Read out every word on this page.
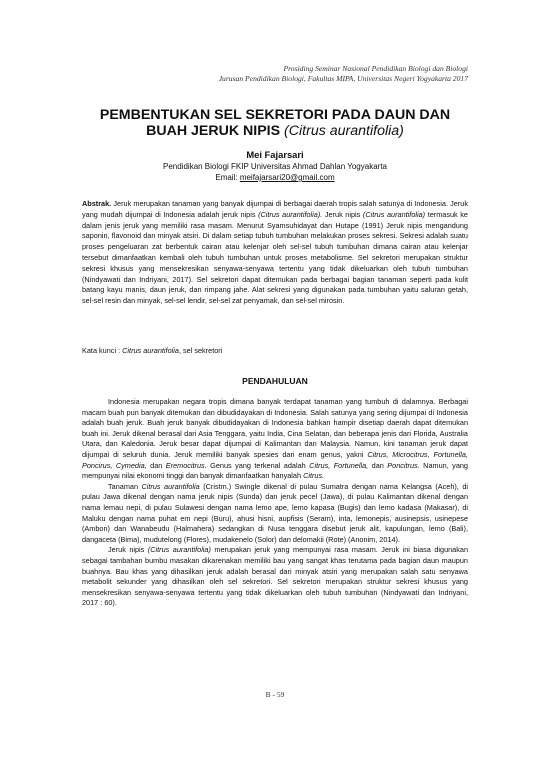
Prosiding Seminar Nasional Pendidikan Biologi dan Biologi
Jurusan Pendidikan Biologi, Fakultas MIPA, Universitas Negeri Yogyakarta 2017
PEMBENTUKAN SEL SEKRETORI PADA DAUN DAN
BUAH JERUK NIPIS (Citrus aurantifolia)
Mei Fajarsari
Pendidikan Biologi FKIP Universitas Ahmad Dahlan Yogyakarta
Email: meifajarsari20@gmail.com

Abstrak. Jeruk merupakan tanaman yang banyak dijumpai di berbagai daerah tropis salah satunya di Indonesia. Jeruk yang mudah dijumpai di Indonesia adalah jeruk nipis (Citrus aurantifolia). Jeruk nipis (Citrus aurantifolia) termasuk ke dalam jenis jeruk yang memiliki rasa masam. Menurut Syamsuhidayat dan Hutape (1991) Jeruk nipis mengandung saponin, flavonoid dan minyak atsiri. Di dalam setiap tubuh tumbuhan melakukan proses sekresi. Sekresi adalah suatu proses pengeluaran zat berbentuk cairan atau kelenjar oleh sel-sel tubuh tumbuhan dimana cairan atau kelenjar tersebut dimanfaatkan kembali oleh tubuh tumbuhan untuk proses metabolisme. Sel sekretori merupakan struktur sekresi khusus yang mensekresikan senyawa-senyawa tertentu yang tidak dikeluarkan oleh tubuh tumbuhan (Nindyawati dan Indriyani, 2017). Sel sekretori dapat ditemukan pada berbagai bagian tanaman seperti pada kulit batang kayu manis, daun jeruk, dan rimpang jahe. Alat sekresi yang digunakan pada tumbuhan yaitu saluran getah, sel-sel resin dan minyak, sel-sel lendir, sel-sel zat penyamak, dan sel-sel mirosin.

Kata kunci : Citrus aurantifolia, sel sekretori

PENDAHULUAN

Indonesia merupakan negara tropis dimana banyak terdapat tanaman yang tumbuh di dalamnya. Berbagai macam buah pun banyak ditemukan dan dibudidayakan di Indonesia. Salah satunya yang sering dijumpai di Indonesia adalah buah jeruk. Buah jeruk banyak dibudidayakan di Indonesia bahkan hampir disetiap daerah dapat ditemukan buah ini. Jeruk dikenal berasal dari Asia Tenggara, yaitu India, Cina Selatan, dan beberapa jenis dari Florida, Australia Utara, dan Kaledonia. Jeruk besar dapat dijumpai di Kalimantan dan Malaysia. Namun, kini tanaman jeruk dapat dijumpai di seluruh dunia. Jeruk memiliki banyak spesies dari enam genus, yakni Citrus, Microcitrus, Fortunella, Poncirus, Cymedia, dan Eremocitrus. Genus yang terkenal adalah Citrus, Fortunella, dan Poncitrus. Namun, yang mempunyai nilai ekonomi tinggi dan banyak dimanfaatkan hanyalah Citrus.

Tanaman Citrus aurantifolia (Cristm.) Swingle dikenal di pulau Sumatra dengan nama Kelangsa (Aceh), di pulau Jawa dikenal dengan nama jeruk nipis (Sunda) dan jeruk pecel (Jawa), di pulau Kalimantan dikenal dengan nama lemau nepi, di pulau Sulawesi dengan nama lemo ape, lemo kapasa (Bugis) dan lemo kadasa (Makasar), di Maluku dengan nama puhat em nepi (Buru), ahusi hisni, aupfisis (Seram), inta, lemonepis, ausinepsis, usinepese (Ambon) dan Wanabeudu (Halmahera) sedangkan di Nusa tenggara disebut jeruk alit, kapulungan, lemo (Bali), dangaceta (Bima), mudutelong (Flores), mudakenelo (Solor) dan delomakii (Rote) (Anonim, 2014).

Jeruk nipis (Citrus aurantifolia) merupakan jeruk yang mempunyai rasa masam. Jeruk ini biasa digunakan sebagai tambahan bumbu masakan dikarenakan memiliki bau yang sangat khas terutama pada bagian daun maupun buahnya. Bau khas yang dihasilkan jeruk adalah berasal dari minyak atsiri yang merupakan salah satu senyawa metabolit sekunder yang dihasilkan oleh sel sekretori. Sel sekretori merupakan struktur sekresi khusus yang mensekresikan senyawa-senyawa tertentu yang tidak dikeluarkan oleh tubuh tumbuhan (Nindyawati dan Indriyani, 2017 : 60).

B - 59
